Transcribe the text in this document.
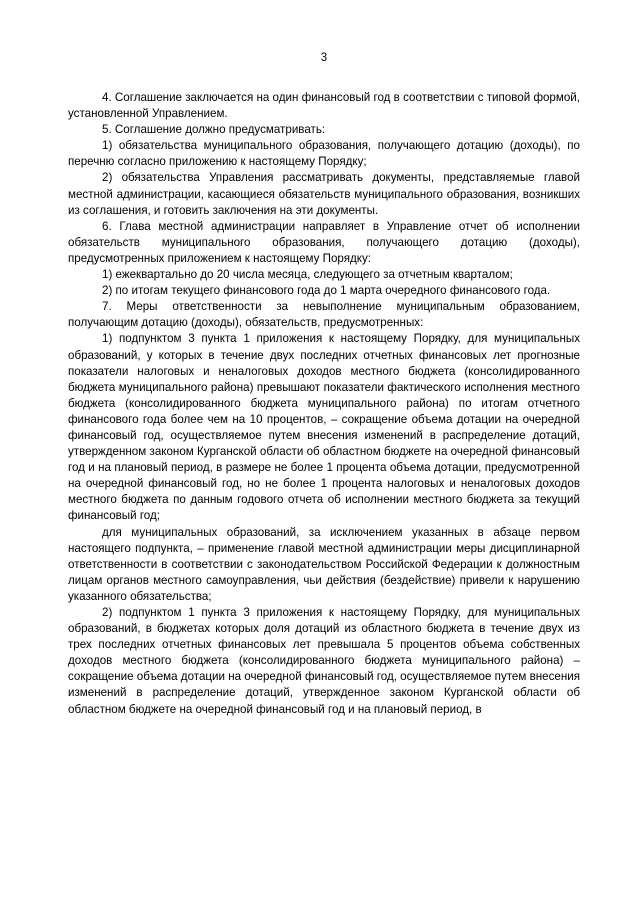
3

4. Соглашение заключается на один финансовый год в соответствии с типовой формой, установленной Управлением.

5. Соглашение должно предусматривать:

1) обязательства муниципального образования, получающего дотацию (доходы), по перечню согласно приложению к настоящему Порядку;

2) обязательства Управления рассматривать документы, представляемые главой местной администрации, касающиеся обязательств муниципального образования, возникших из соглашения, и готовить заключения на эти документы.

6. Глава местной администрации направляет в Управление отчет об исполнении обязательств муниципального образования, получающего дотацию (доходы), предусмотренных приложением к настоящему Порядку:

1) ежеквартально до 20 числа месяца, следующего за отчетным кварталом;

2) по итогам текущего финансового года до 1 марта очередного финансового года.

7. Меры ответственности за невыполнение муниципальным образованием, получающим дотацию (доходы), обязательств, предусмотренных:

1) подпунктом 3 пункта 1 приложения к настоящему Порядку, для муниципальных образований, у которых в течение двух последних отчетных финансовых лет прогнозные показатели налоговых и неналоговых доходов местного бюджета (консолидированного бюджета муниципального района) превышают показатели фактического исполнения местного бюджета (консолидированного бюджета муниципального района) по итогам отчетного финансового года более чем на 10 процентов, – сокращение объема дотации на очередной финансовый год, осуществляемое путем внесения изменений в распределение дотаций, утвержденном законом Курганской области об областном бюджете на очередной финансовый год и на плановый период, в размере не более 1 процента объема дотации, предусмотренной на очередной финансовый год, но не более 1 процента налоговых и неналоговых доходов местного бюджета по данным годового отчета об исполнении местного бюджета за текущий финансовый год;

для муниципальных образований, за исключением указанных в абзаце первом настоящего подпункта, – применение главой местной администрации меры дисциплинарной ответственности в соответствии с законодательством Российской Федерации к должностным лицам органов местного самоуправления, чьи действия (бездействие) привели к нарушению указанного обязательства;

2) подпунктом 1 пункта 3 приложения к настоящему Порядку, для муниципальных образований, в бюджетах которых доля дотаций из областного бюджета в течение двух из трех последних отчетных финансовых лет превышала 5 процентов объема собственных доходов местного бюджета (консолидированного бюджета муниципального района) – сокращение объема дотации на очередной финансовый год, осуществляемое путем внесения изменений в распределение дотаций, утвержденное законом Курганской области об областном бюджете на очередной финансовый год и на плановый период, в
